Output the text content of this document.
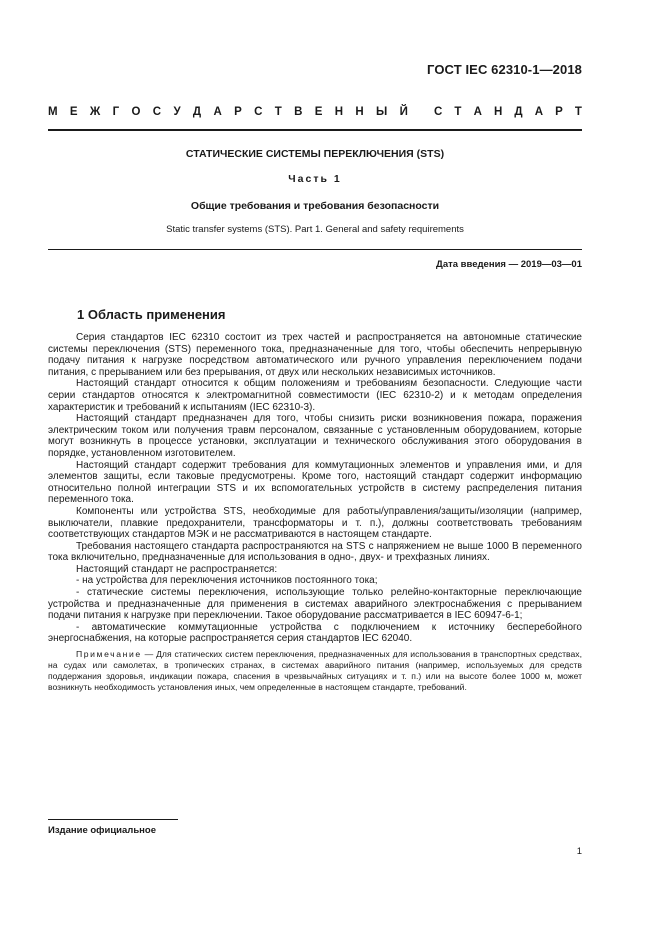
ГОСТ IEC 62310-1—2018
М Е Ж Г О С У Д А Р С Т В Е Н Н Ы Й С Т А Н Д А Р Т
СТАТИЧЕСКИЕ СИСТЕМЫ ПЕРЕКЛЮЧЕНИЯ (STS)
Часть 1
Общие требования и требования безопасности
Static transfer systems (STS). Part 1. General and safety requirements
Дата введения — 2019—03—01
1 Область применения

Серия стандартов IEC 62310 состоит из трех частей и распространяется на автономные статические системы переключения (STS) переменного тока, предназначенные для того, чтобы обеспечить непрерывную подачу питания к нагрузке посредством автоматического или ручного управления переключением подачи питания, с прерыванием или без прерывания, от двух или нескольких независимых источников.

Настоящий стандарт относится к общим положениям и требованиям безопасности. Следующие части серии стандартов относятся к электромагнитной совместимости (IEC 62310-2) и к методам определения характеристик и требований к испытаниям (IEC 62310-3).

Настоящий стандарт предназначен для того, чтобы снизить риски возникновения пожара, поражения электрическим током или получения травм персоналом, связанные с установленным оборудованием, которые могут возникнуть в процессе установки, эксплуатации и технического обслуживания этого оборудования в порядке, установленном изготовителем.

Настоящий стандарт содержит требования для коммутационных элементов и управления ими, и для элементов защиты, если таковые предусмотрены. Кроме того, настоящий стандарт содержит информацию относительно полной интеграции STS и их вспомогательных устройств в систему распределения питания переменного тока.

Компоненты или устройства STS, необходимые для работы/управления/защиты/изоляции (например, выключатели, плавкие предохранители, трансформаторы и т. п.), должны соответствовать требованиям соответствующих стандартов МЭК и не рассматриваются в настоящем стандарте.

Требования настоящего стандарта распространяются на STS с напряжением не выше 1000 В переменного тока включительно, предназначенные для использования в одно-, двух- и трехфазных линиях.

Настоящий стандарт не распространяется:

- на устройства для переключения источников постоянного тока;

- статические системы переключения, использующие только релейно-контакторные переключающие устройства и предназначенные для применения в системах аварийного электроснабжения с прерыванием подачи питания к нагрузке при переключении. Такое оборудование рассматривается в IEC 60947-6-1;

- автоматические коммутационные устройства с подключением к источнику бесперебойного энергоснабжения, на которые распространяется серия стандартов IEC 62040.

Примечание — Для статических систем переключения, предназначенных для использования в транспортных средствах, на судах или самолетах, в тропических странах, в системах аварийного питания (например, используемых для средств поддержания здоровья, индикации пожара, спасения в чрезвычайных ситуациях и т. п.) или на высоте более 1000 м, может возникнуть необходимость установления иных, чем определенные в настоящем стандарте, требований.

Издание официальное
1
